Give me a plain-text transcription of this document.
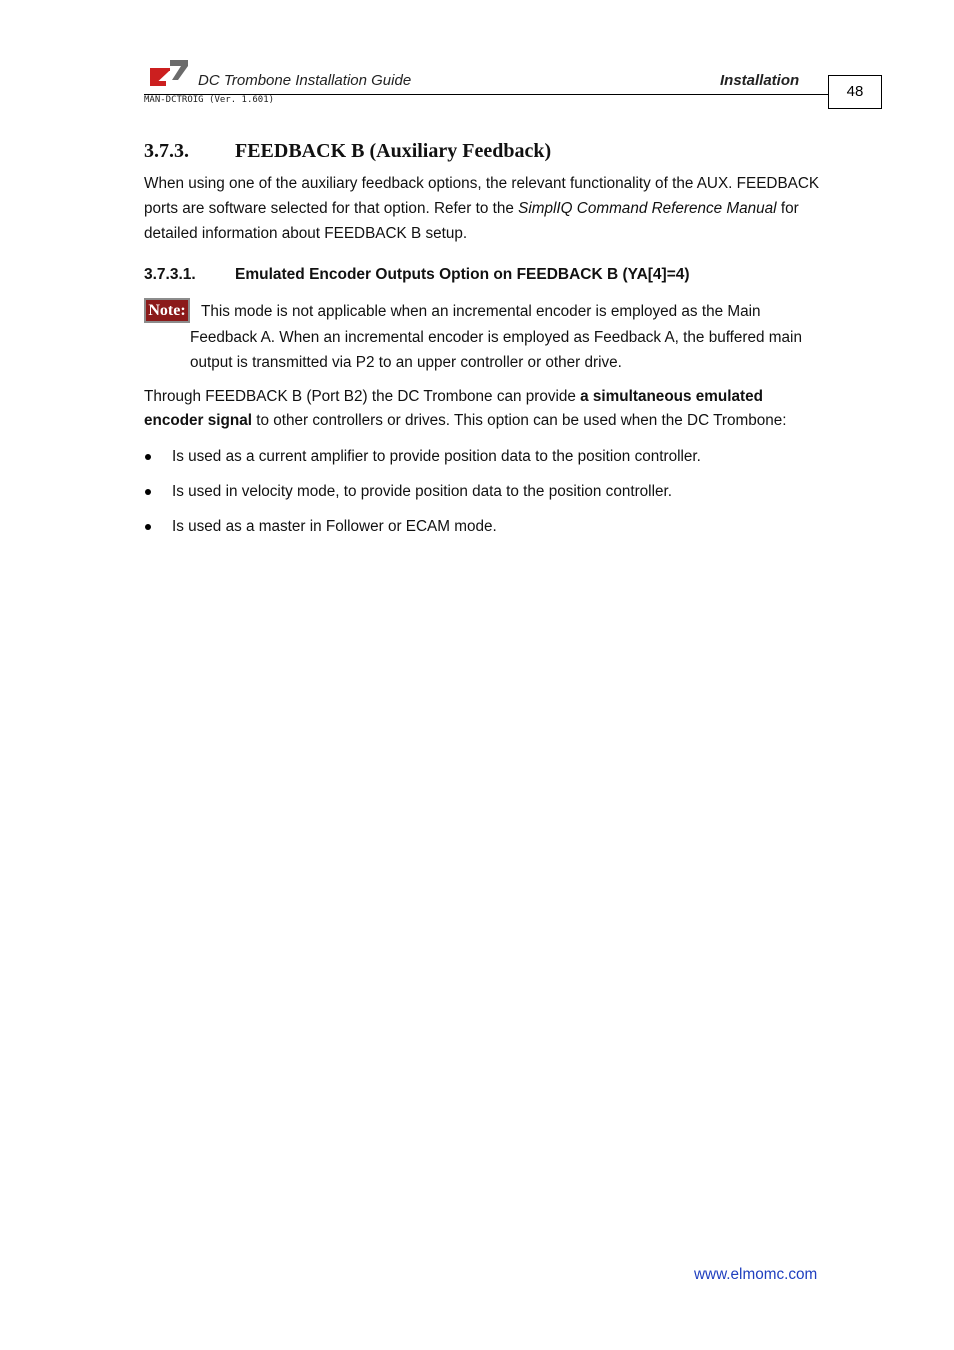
DC Trombone Installation Guide	Installation
MAN-DCTROIG (Ver. 1.601)	48
3.7.3. FEEDBACK B (Auxiliary Feedback)
When using one of the auxiliary feedback options, the relevant functionality of the AUX. FEEDBACK ports are software selected for that option. Refer to the SimplIQ Command Reference Manual for detailed information about FEEDBACK B setup.
3.7.3.1.	Emulated Encoder Outputs Option on FEEDBACK B (YA[4]=4)
Note:	This mode is not applicable when an incremental encoder is employed as the Main
Feedback A. When an incremental encoder is employed as Feedback A, the buffered main output is transmitted via P2 to an upper controller or other drive.
Through FEEDBACK B (Port B2) the DC Trombone can provide a simultaneous emulated encoder signal to other controllers or drives. This option can be used when the DC Trombone:
Is used as a current amplifier to provide position data to the position controller.
Is used in velocity mode, to provide position data to the position controller.
Is used as a master in Follower or ECAM mode.
www.elmomc.com
